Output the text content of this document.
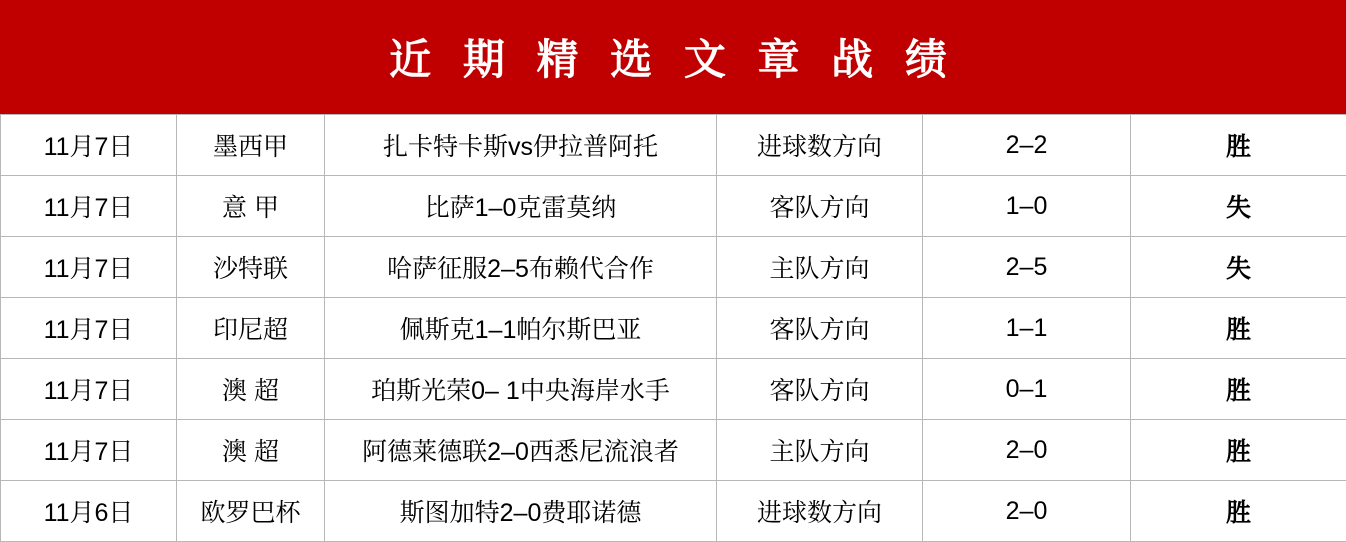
近 期 精 选 文 章 战 绩
11月7日	墨西甲	扎卡特卡斯vs伊拉普阿托	进球数方向	2–2	胜
11月7日	意 甲	比萨1–0克雷莫纳	客队方向	1–0	失
11月7日	沙特联	哈萨征服2–5布赖代合作	主队方向	2–5	失
11月7日	印尼超	佩斯克1–1帕尔斯巴亚	客队方向	1–1	胜
11月7日	澳 超	珀斯光荣0– 1中央海岸水手	客队方向	0–1	胜
11月7日	澳 超	阿德莱德联2–0西悉尼流浪者	主队方向	2–0	胜
11月6日	欧罗巴杯	斯图加特2–0费耶诺德	进球数方向	2–0	胜
